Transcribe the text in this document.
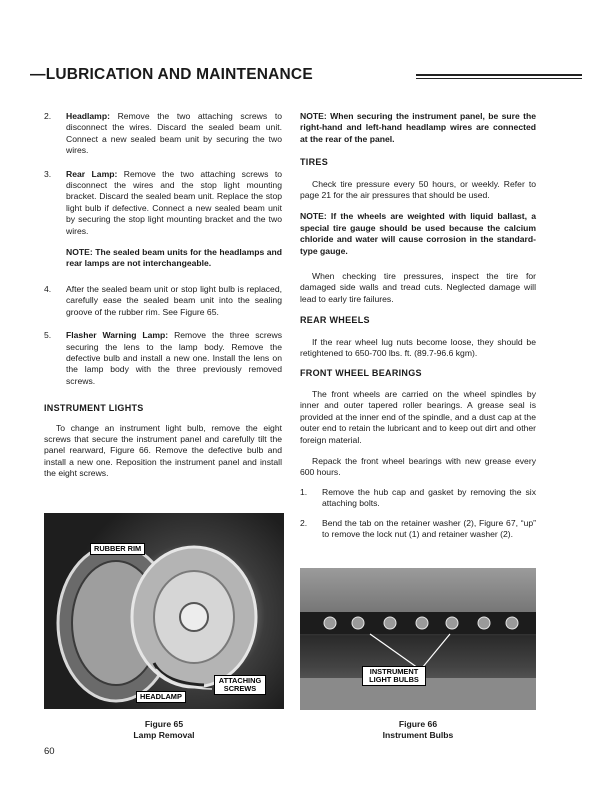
—LUBRICATION AND MAINTENANCE
2.	Headlamp: Remove the two attaching screws to disconnect the wires. Discard the sealed beam unit. Connect a new sealed beam unit by securing the two wires.

3.	Rear Lamp: Remove the two attaching screws to disconnect the wires and the stop light mounting bracket. Discard the sealed beam unit. Replace the stop light bulb if defective. Connect a new sealed beam unit by securing the stop light mounting bracket and the two wires.

NOTE: The sealed beam units for the headlamps and rear lamps are not interchangeable.

4.	After the sealed beam unit or stop light bulb is replaced, carefully ease the sealed beam unit into the sealing groove of the rubber rim. See Figure 65.

5.	Flasher Warning Lamp: Remove the three screws securing the lens to the lamp body. Remove the defective bulb and install a new one. Install the lens on the lamp body with the three previously removed screws.

INSTRUMENT LIGHTS

To change an instrument light bulb, remove the eight screws that secure the instrument panel and carefully tilt the panel rearward, Figure 66. Remove the defective bulb and install a new one. Reposition the instrument panel and install the eight screws.

NOTE: When securing the instrument panel, be sure the right-hand and left-hand headlamp wires are connected at the rear of the panel.

TIRES

Check tire pressure every 50 hours, or weekly. Refer to page 21 for the air pressures that should be used.

NOTE: If the wheels are weighted with liquid ballast, a special tire gauge should be used because the calcium chloride and water will cause corrosion in the standard-type gauge.

When checking tire pressures, inspect the tire for damaged side walls and tread cuts. Neglected damage will lead to early tire failures.

REAR WHEELS

If the rear wheel lug nuts become loose, they should be retightened to 650-700 lbs. ft. (89.7-96.6 kgm).

FRONT WHEEL BEARINGS

The front wheels are carried on the wheel spindles by inner and outer tapered roller bearings. A grease seal is provided at the inner end of the spindle, and a dust cap at the outer end to retain the lubricant and to keep out dirt and other foreign material.

Repack the front wheel bearings with new grease every 600 hours.

1.	Remove the hub cap and gasket by removing the six attaching bolts.

2.	Bend the tab on the retainer washer (2), Figure 67, “up” to remove the lock nut (1) and retainer washer (2).

RUBBER RIM
ATTACHING SCREWS
HEADLAMP
Figure 65
Lamp Removal
INSTRUMENT LIGHT BULBS
Figure 66
Instrument Bulbs
60
